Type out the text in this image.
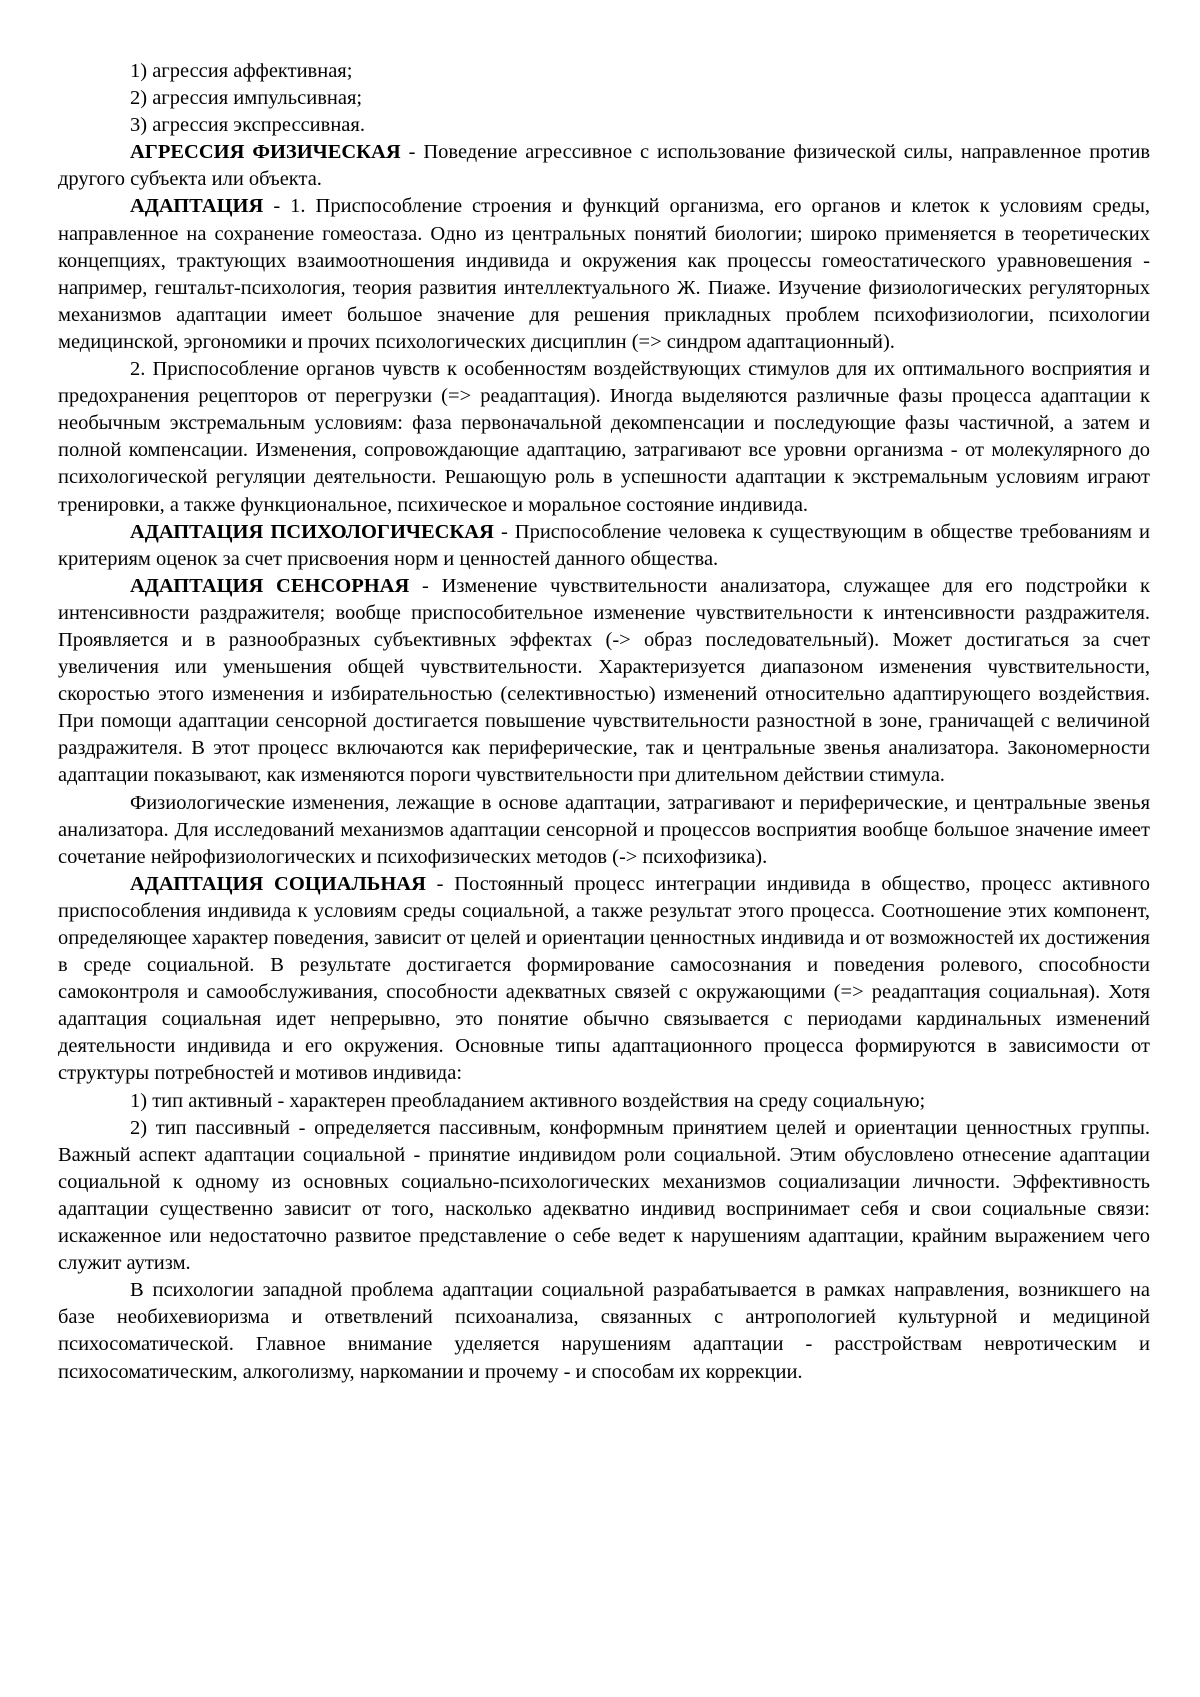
1) агрессия аффективная;

2) агрессия импульсивная;

3) агрессия экспрессивная.

АГРЕССИЯ ФИЗИЧЕСКАЯ - Поведение агрессивное с использование физической силы, направленное против другого субъекта или объекта.

АДАПТАЦИЯ - 1. Приспособление строения и функций организма, его органов и клеток к условиям среды, направленное на сохранение гомеостаза. Одно из центральных понятий биологии; широко применяется в теоретических концепциях, трактующих взаимоотношения индивида и окружения как процессы гомеостатического уравновешения - например, гештальт-психология, теория развития интеллектуального Ж. Пиаже. Изучение физиологических регуляторных механизмов адаптации имеет большое значение для решения прикладных проблем психофизиологии, психологии медицинской, эргономики и прочих психологических дисциплин (=> синдром адаптационный).

2. Приспособление органов чувств к особенностям воздействующих стимулов для их оптимального восприятия и предохранения рецепторов от перегрузки (=> реадаптация). Иногда выделяются различные фазы процесса адаптации к необычным экстремальным условиям: фаза первоначальной декомпенсации и последующие фазы частичной, а затем и полной компенсации. Изменения, сопровождающие адаптацию, затрагивают все уровни организма - от молекулярного до психологической регуляции деятельности. Решающую роль в успешности адаптации к экстремальным условиям играют тренировки, а также функциональное, психическое и моральное состояние индивида.

АДАПТАЦИЯ ПСИХОЛОГИЧЕСКАЯ - Приспособление человека к существующим в обществе требованиям и критериям оценок за счет присвоения норм и ценностей данного общества.

АДАПТАЦИЯ СЕНСОРНАЯ - Изменение чувствительности анализатора, служащее для его подстройки к интенсивности раздражителя; вообще приспособительное изменение чувствительности к интенсивности раздражителя. Проявляется и в разнообразных субъективных эффектах (-> образ последовательный). Может достигаться за счет увеличения или уменьшения общей чувствительности. Характеризуется диапазоном изменения чувствительности, скоростью этого изменения и избирательностью (селективностью) изменений относительно адаптирующего воздействия. При помощи адаптации сенсорной достигается повышение чувствительности разностной в зоне, граничащей с величиной раздражителя. В этот процесс включаются как периферические, так и центральные звенья анализатора. Закономерности адаптации показывают, как изменяются пороги чувствительности при длительном действии стимула.

Физиологические изменения, лежащие в основе адаптации, затрагивают и периферические, и центральные звенья анализатора. Для исследований механизмов адаптации сенсорной и процессов восприятия вообще большое значение имеет сочетание нейрофизиологических и психофизических методов (-> психофизика).

АДАПТАЦИЯ СОЦИАЛЬНАЯ - Постоянный процесс интеграции индивида в общество, процесс активного приспособления индивида к условиям среды социальной, а также результат этого процесса. Соотношение этих компонент, определяющее характер поведения, зависит от целей и ориентации ценностных индивида и от возможностей их достижения в среде социальной. В результате достигается формирование самосознания и поведения ролевого, способности самоконтроля и самообслуживания, способности адекватных связей с окружающими (=> реадаптация социальная). Хотя адаптация социальная идет непрерывно, это понятие обычно связывается с периодами кардинальных изменений деятельности индивида и его окружения. Основные типы адаптационного процесса формируются в зависимости от структуры потребностей и мотивов индивида:

1) тип активный - характерен преобладанием активного воздействия на среду социальную;

2) тип пассивный - определяется пассивным, конформным принятием целей и ориентации ценностных группы. Важный аспект адаптации социальной - принятие индивидом роли социальной. Этим обусловлено отнесение адаптации социальной к одному из основных социально-психологических механизмов социализации личности. Эффективность адаптации существенно зависит от того, насколько адекватно индивид воспринимает себя и свои социальные связи: искаженное или недостаточно развитое представление о себе ведет к нарушениям адаптации, крайним выражением чего служит аутизм.

В психологии западной проблема адаптации социальной разрабатывается в рамках направления, возникшего на базе необихевиоризма и ответвлений психоанализа, связанных с антропологией культурной и медициной психосоматической. Главное внимание уделяется нарушениям адаптации - расстройствам невротическим и психосоматическим, алкоголизму, наркомании и прочему - и способам их коррекции.
